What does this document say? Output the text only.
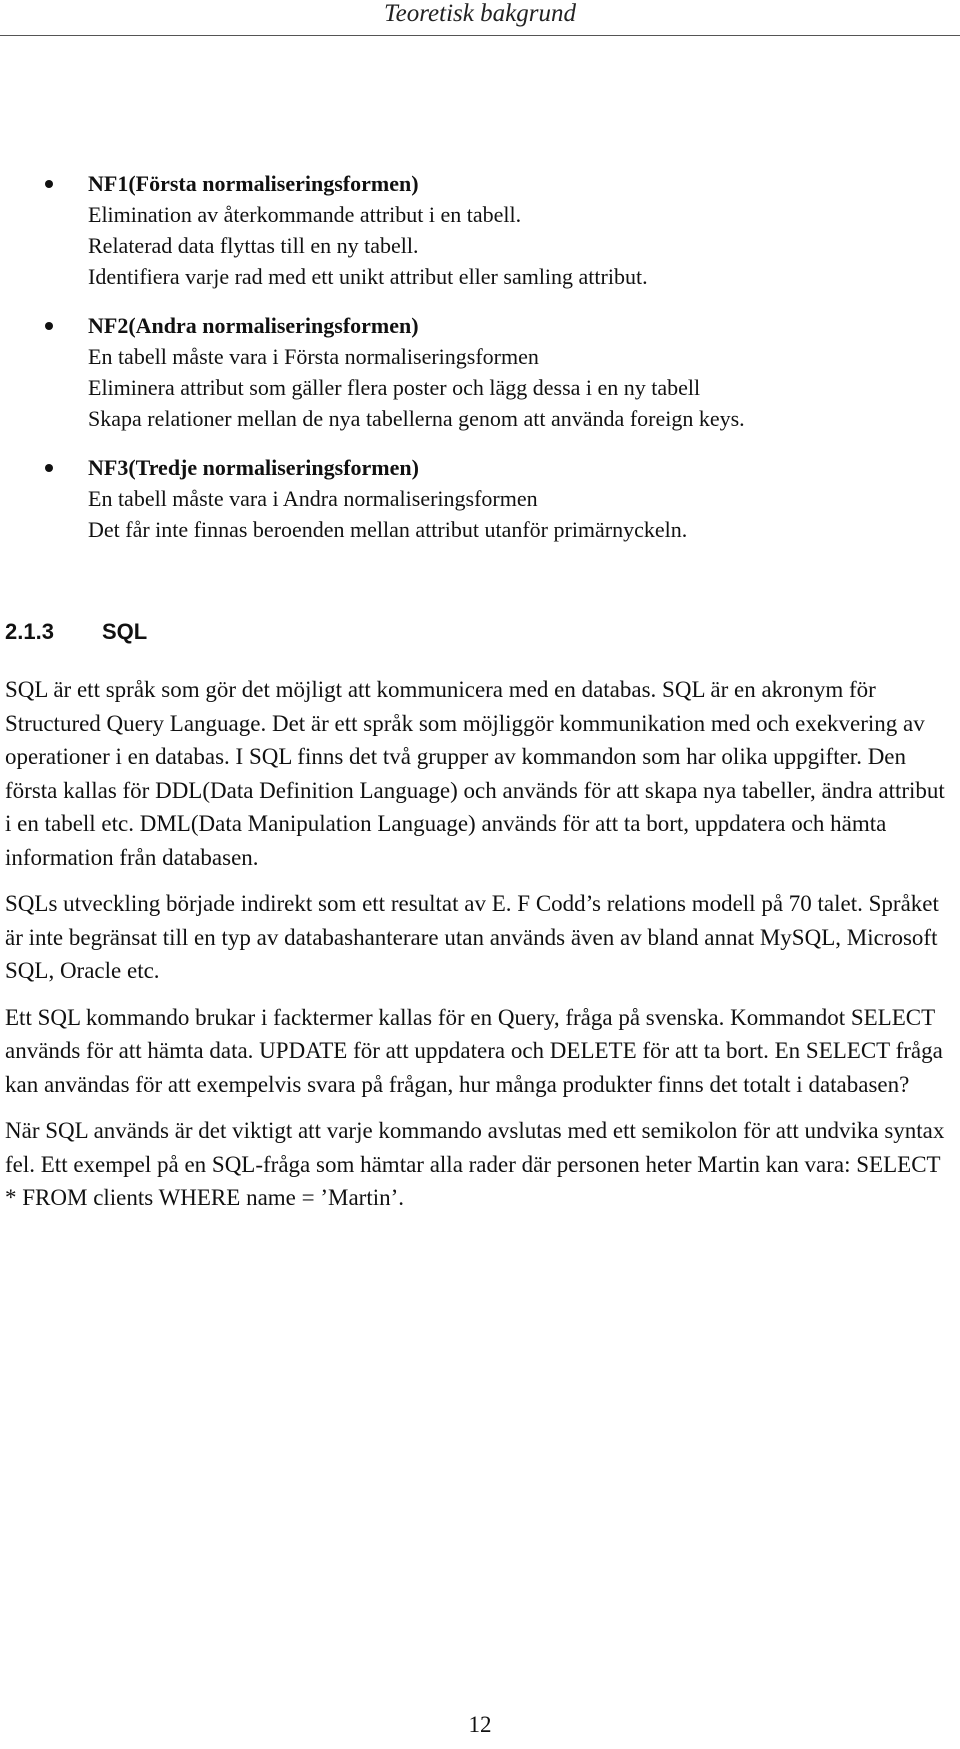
Teoretisk bakgrund
NF1(Första normaliseringsformen)
Elimination av återkommande attribut i en tabell.
Relaterad data flyttas till en ny tabell.
Identifiera varje rad med ett unikt attribut eller samling attribut.
NF2(Andra normaliseringsformen)
En tabell måste vara i Första normaliseringsformen
Eliminera attribut som gäller flera poster och lägg dessa i en ny tabell
Skapa relationer mellan de nya tabellerna genom att använda foreign keys.
NF3(Tredje normaliseringsformen)
En tabell måste vara i Andra normaliseringsformen
Det får inte finnas beroenden mellan attribut utanför primärnyckeln.
2.1.3 SQL

SQL är ett språk som gör det möjligt att kommunicera med en databas. SQL är en akronym för Structured Query Language. Det är ett språk som möjliggör kommunikation med och exekvering av operationer i en databas. I SQL finns det två grupper av kommandon som har olika uppgifter. Den första kallas för DDL(Data Definition Language) och används för att skapa nya tabeller, ändra attribut i en tabell etc. DML(Data Manipulation Language) används för att ta bort, uppdatera och hämta information från databasen.

SQLs utveckling började indirekt som ett resultat av E. F Codd’s relations modell på 70 talet. Språket är inte begränsat till en typ av databashanterare utan används även av bland annat MySQL, Microsoft SQL, Oracle etc.

Ett SQL kommando brukar i facktermer kallas för en Query, fråga på svenska. Kommandot SELECT används för att hämta data. UPDATE för att uppdatera och DELETE för att ta bort. En SELECT fråga kan användas för att exempelvis svara på frågan, hur många produkter finns det totalt i databasen?

När SQL används är det viktigt att varje kommando avslutas med ett semikolon för att undvika syntax fel. Ett exempel på en SQL-fråga som hämtar alla rader där personen heter Martin kan vara: SELECT * FROM clients WHERE name = ’Martin’.

12
